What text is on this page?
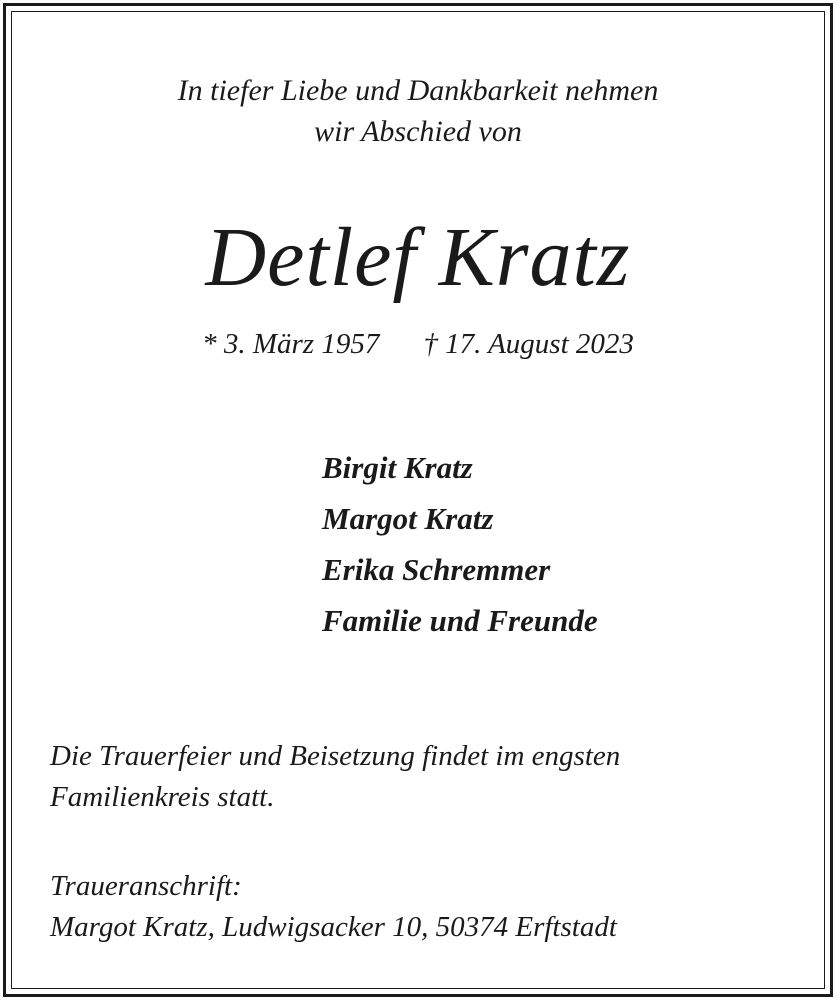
In tiefer Liebe und Dankbarkeit nehmen
wir Abschied von
Detlef Kratz
* 3. März 1957 † 17. August 2023
Birgit Kratz
Margot Kratz
Erika Schremmer
Familie und Freunde
Die Trauerfeier und Beisetzung findet im engsten
Familienkreis statt.
Traueranschrift:
Margot Kratz, Ludwigsacker 10, 50374 Erftstadt
